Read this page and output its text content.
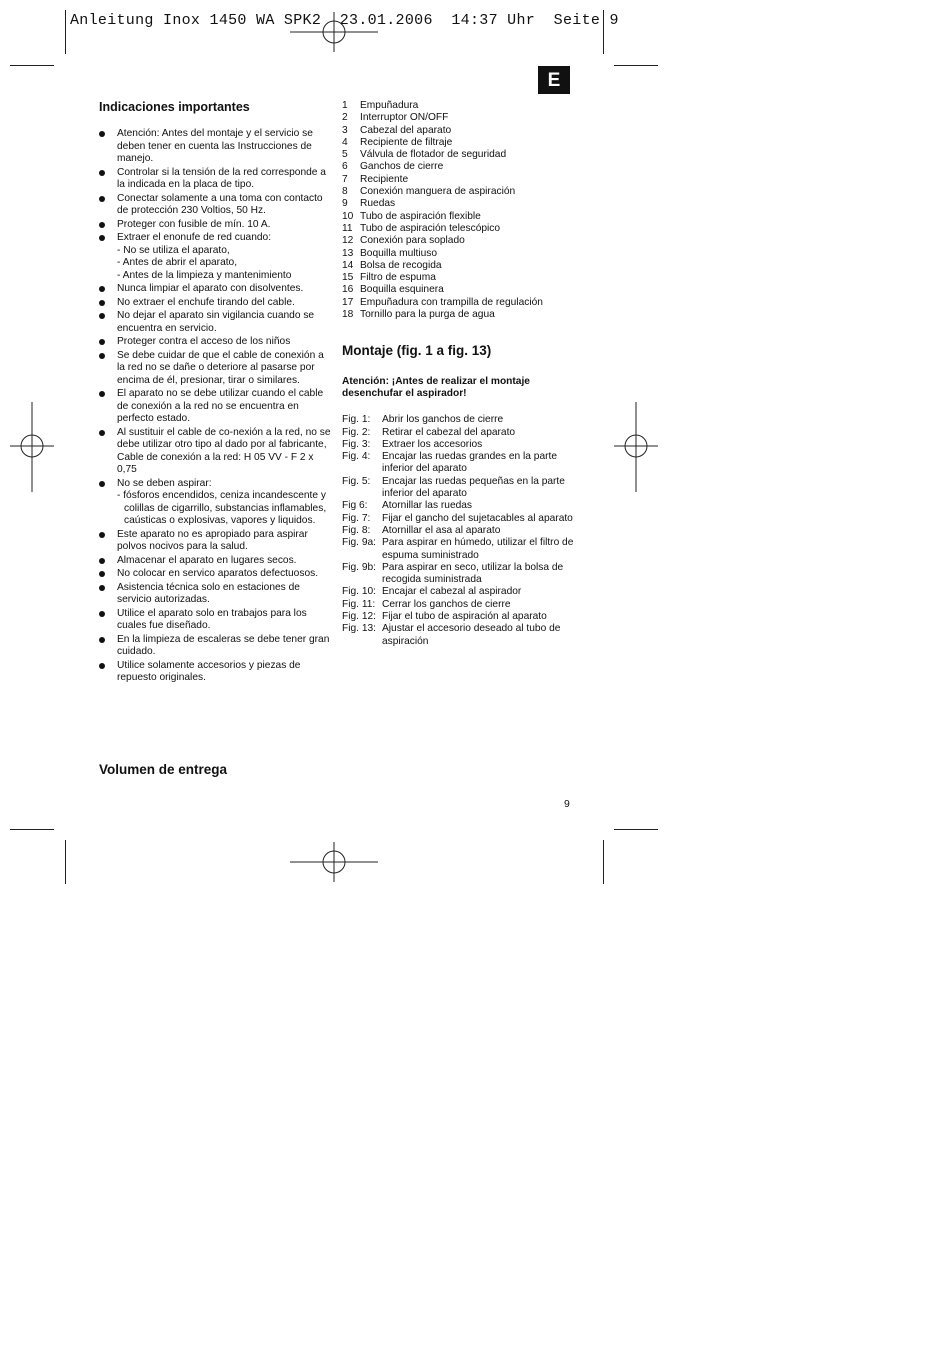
Anleitung Inox 1450 WA SPK2  23.01.2006  14:37 Uhr  Seite 9
E
Indicaciones importantes
Atención: Antes del montaje y el servicio se deben tener en cuenta las Instrucciones de manejo.
Controlar si la tensión de la red corresponde a la indicada en la placa de tipo.
Conectar solamente a una toma con contacto de protección 230 Voltios, 50 Hz.
Proteger con fusible de mín. 10 A.
Extraer el enonufe de red cuando:
- No se utiliza el aparato,
- Antes de abrir el aparato,
- Antes de la limpieza y mantenimiento
Nunca limpiar el aparato con disolventes.
No extraer el enchufe tirando del cable.
No dejar el aparato sin vigilancia cuando se encuentra en servicio.
Proteger contra el acceso de los niños
Se debe cuidar de que el cable de conexión a la red no se dañe o deteriore al pasarse por encima de él, presionar, tirar o similares.
El aparato no se debe utilizar cuando el cable de conexión a la red no se encuentra en perfecto estado.
Al sustituir el cable de co-nexión a la red, no se debe utilizar otro tipo al dado por al fabricante, Cable de conexión a la red: H 05 VV - F 2 x 0,75
No se deben aspirar:
- fósforos encendidos, ceniza incandescente y colillas de cigarrillo, substancias inflamables, caústicas o explosivas, vapores y liquidos.
Este aparato no es apropiado para aspirar polvos nocivos para la salud.
Almacenar el aparato en lugares secos.
No colocar en servico aparatos defectuosos.
Asistencia técnica solo en estaciones de servicio autorizadas.
Utilice el aparato solo en trabajos para los cuales fue diseñado.
En la limpieza de escaleras se debe tener gran cuidado.
Utilice solamente accesorios y piezas de repuesto originales.
Volumen de entrega
1	Empuñadura
2	Interruptor ON/OFF
3	Cabezal del aparato
4	Recipiente de filtraje
5	Válvula de flotador de seguridad
6	Ganchos de cierre
7	Recipiente
8	Conexión manguera de aspiración
9	Ruedas
10 Tubo de aspiración flexible
11 Tubo de aspiración telescópico
12 Conexión para soplado
13 Boquilla multiuso
14 Bolsa de recogida
15 Filtro de espuma
16 Boquilla esquinera
17 Empuñadura con trampilla de regulación
18 Tornillo para la purga de agua
Montaje (fig. 1 a fig. 13)
Atención: ¡Antes de realizar el montaje desenchufar el aspirador!
Fig. 1:	Abrir los ganchos de cierre
Fig. 2:	Retirar el cabezal del aparato
Fig. 3:	Extraer los accesorios
Fig. 4:	Encajar las ruedas grandes en la parte inferior del aparato
Fig. 5:	Encajar las ruedas pequeñas en la parte inferior del aparato
Fig 6:	Atornillar las ruedas
Fig. 7:	Fijar el gancho del sujetacables al aparato
Fig. 8:	Atornillar el asa al aparato
Fig. 9a: Para aspirar en húmedo, utilizar el filtro de espuma suministrado
Fig. 9b: Para aspirar en seco, utilizar la bolsa de recogida suministrada
Fig. 10: Encajar el cabezal al aspirador
Fig. 11: Cerrar los ganchos de cierre
Fig. 12: Fijar el tubo de aspiración al aparato
Fig. 13: Ajustar el accesorio deseado al tubo de aspiración
9
